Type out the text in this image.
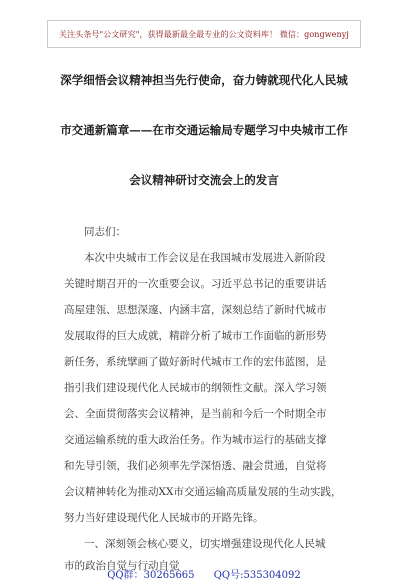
关注头条号"公文研究"，获得最新最全最专业的公文资料库！ 微信：gongwenyj
深学细悟会议精神担当先行使命，奋力铸就现代化人民城
市交通新篇章——在市交通运输局专题学习中央城市工作
会议精神研讨交流会上的发言
同志们：
本次中央城市工作会议是在我国城市发展进入新阶段
关键时期召开的一次重要会议。习近平总书记的重要讲话
高屋建瓴、思想深邃、内涵丰富，深刻总结了新时代城市
发展取得的巨大成就，精辟分析了城市工作面临的新形势
新任务，系统擘画了做好新时代城市工作的宏伟蓝图，是
指引我们建设现代化人民城市的纲领性文献。深入学习领
会、全面贯彻落实会议精神，是当前和今后一个时期全市
交通运输系统的重大政治任务。作为城市运行的基础支撑
和先导引领，我们必须率先学深悟透、融会贯通，自觉将
会议精神转化为推动XX市交通运输高质量发展的生动实践，
努力当好建设现代化人民城市的开路先锋。
一、深刻领会核心要义，切实增强建设现代化人民城
市的政治自觉与行动自觉
QQ群：30265665 QQ号:535304092
